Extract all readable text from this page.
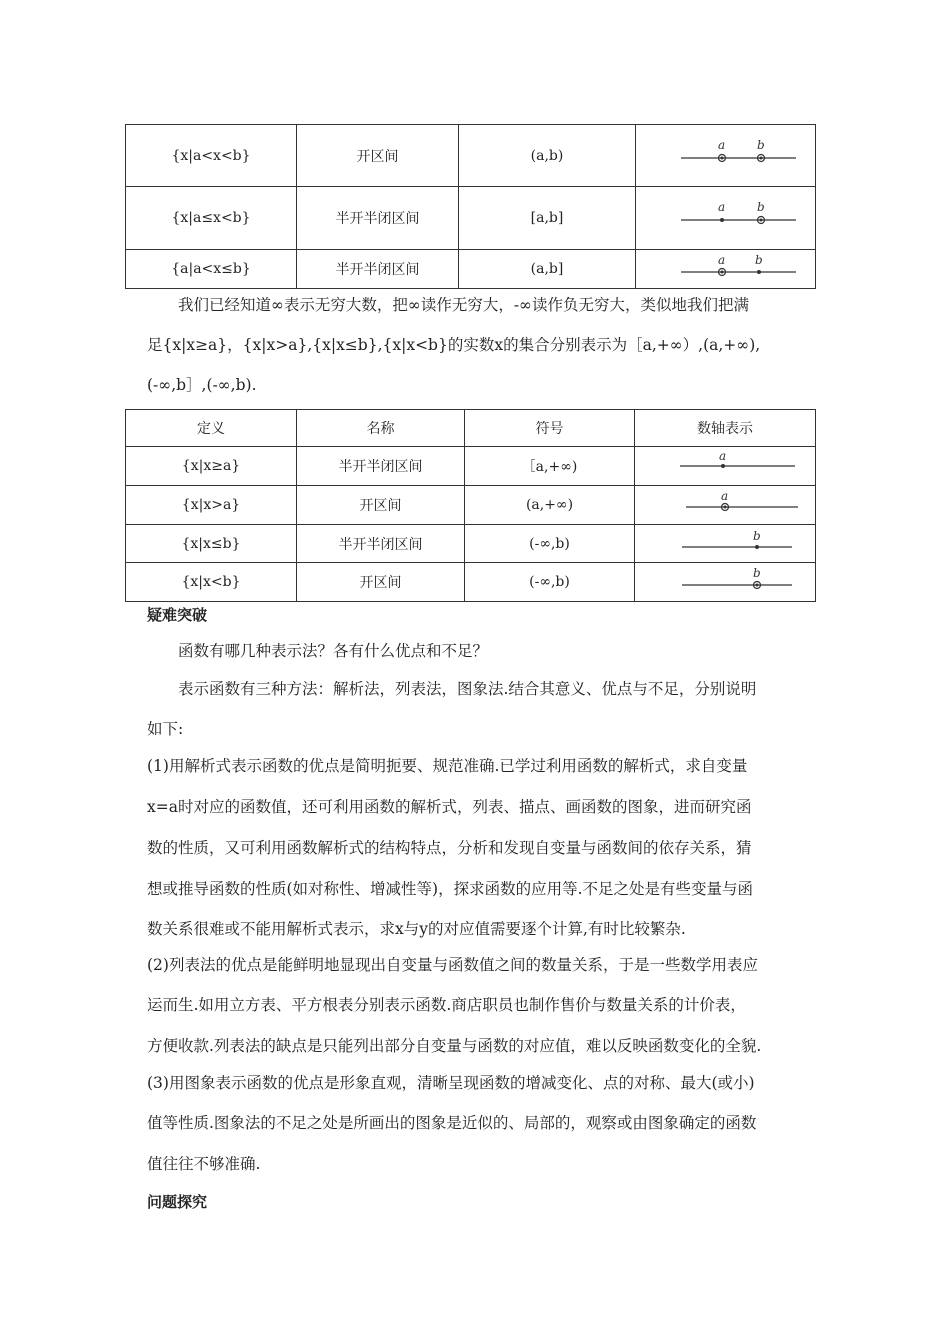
{x|a<x<b}	开区间	(a,b)	a b

{x|a≤x<b}	半开半闭区间	[a,b]	a b

{a|a<x≤b}	半开半闭区间	(a,b]	a b
我们已经知道∞表示无穷大数，把∞读作无穷大，-∞读作负无穷大，类似地我们把满
足{x|x≥a}，{x|x>a},{x|x≤b},{x|x<b}的实数x的集合分别表示为［a,+∞）,(a,+∞),
(-∞,b］,(-∞,b).
定义	名称	符号	数轴表示
{x|x≥a}	半开半闭区间	［a,+∞)	a

{x|x>a}	开区间	(a,+∞)	a

{x|x≤b}	半开半闭区间	(-∞,b)	b

{x|x<b}	开区间	(-∞,b)	b
疑难突破
函数有哪几种表示法？各有什么优点和不足？
表示函数有三种方法：解析法，列表法，图象法.结合其意义、优点与不足，分别说明
如下:
(1)用解析式表示函数的优点是简明扼要、规范准确.已学过利用函数的解析式，求自变量
x=a时对应的函数值，还可利用函数的解析式，列表、描点、画函数的图象，进而研究函
数的性质，又可利用函数解析式的结构特点，分析和发现自变量与函数间的依存关系，猜
想或推导函数的性质(如对称性、增减性等)，探求函数的应用等.不足之处是有些变量与函
数关系很难或不能用解析式表示，求x与y的对应值需要逐个计算,有时比较繁杂.
(2)列表法的优点是能鲜明地显现出自变量与函数值之间的数量关系，于是一些数学用表应
运而生.如用立方表、平方根表分别表示函数.商店职员也制作售价与数量关系的计价表，
方便收款.列表法的缺点是只能列出部分自变量与函数的对应值，难以反映函数变化的全貌.
(3)用图象表示函数的优点是形象直观，清晰呈现函数的增减变化、点的对称、最大(或小)
值等性质.图象法的不足之处是所画出的图象是近似的、局部的，观察或由图象确定的函数
值往往不够准确.
问题探究
